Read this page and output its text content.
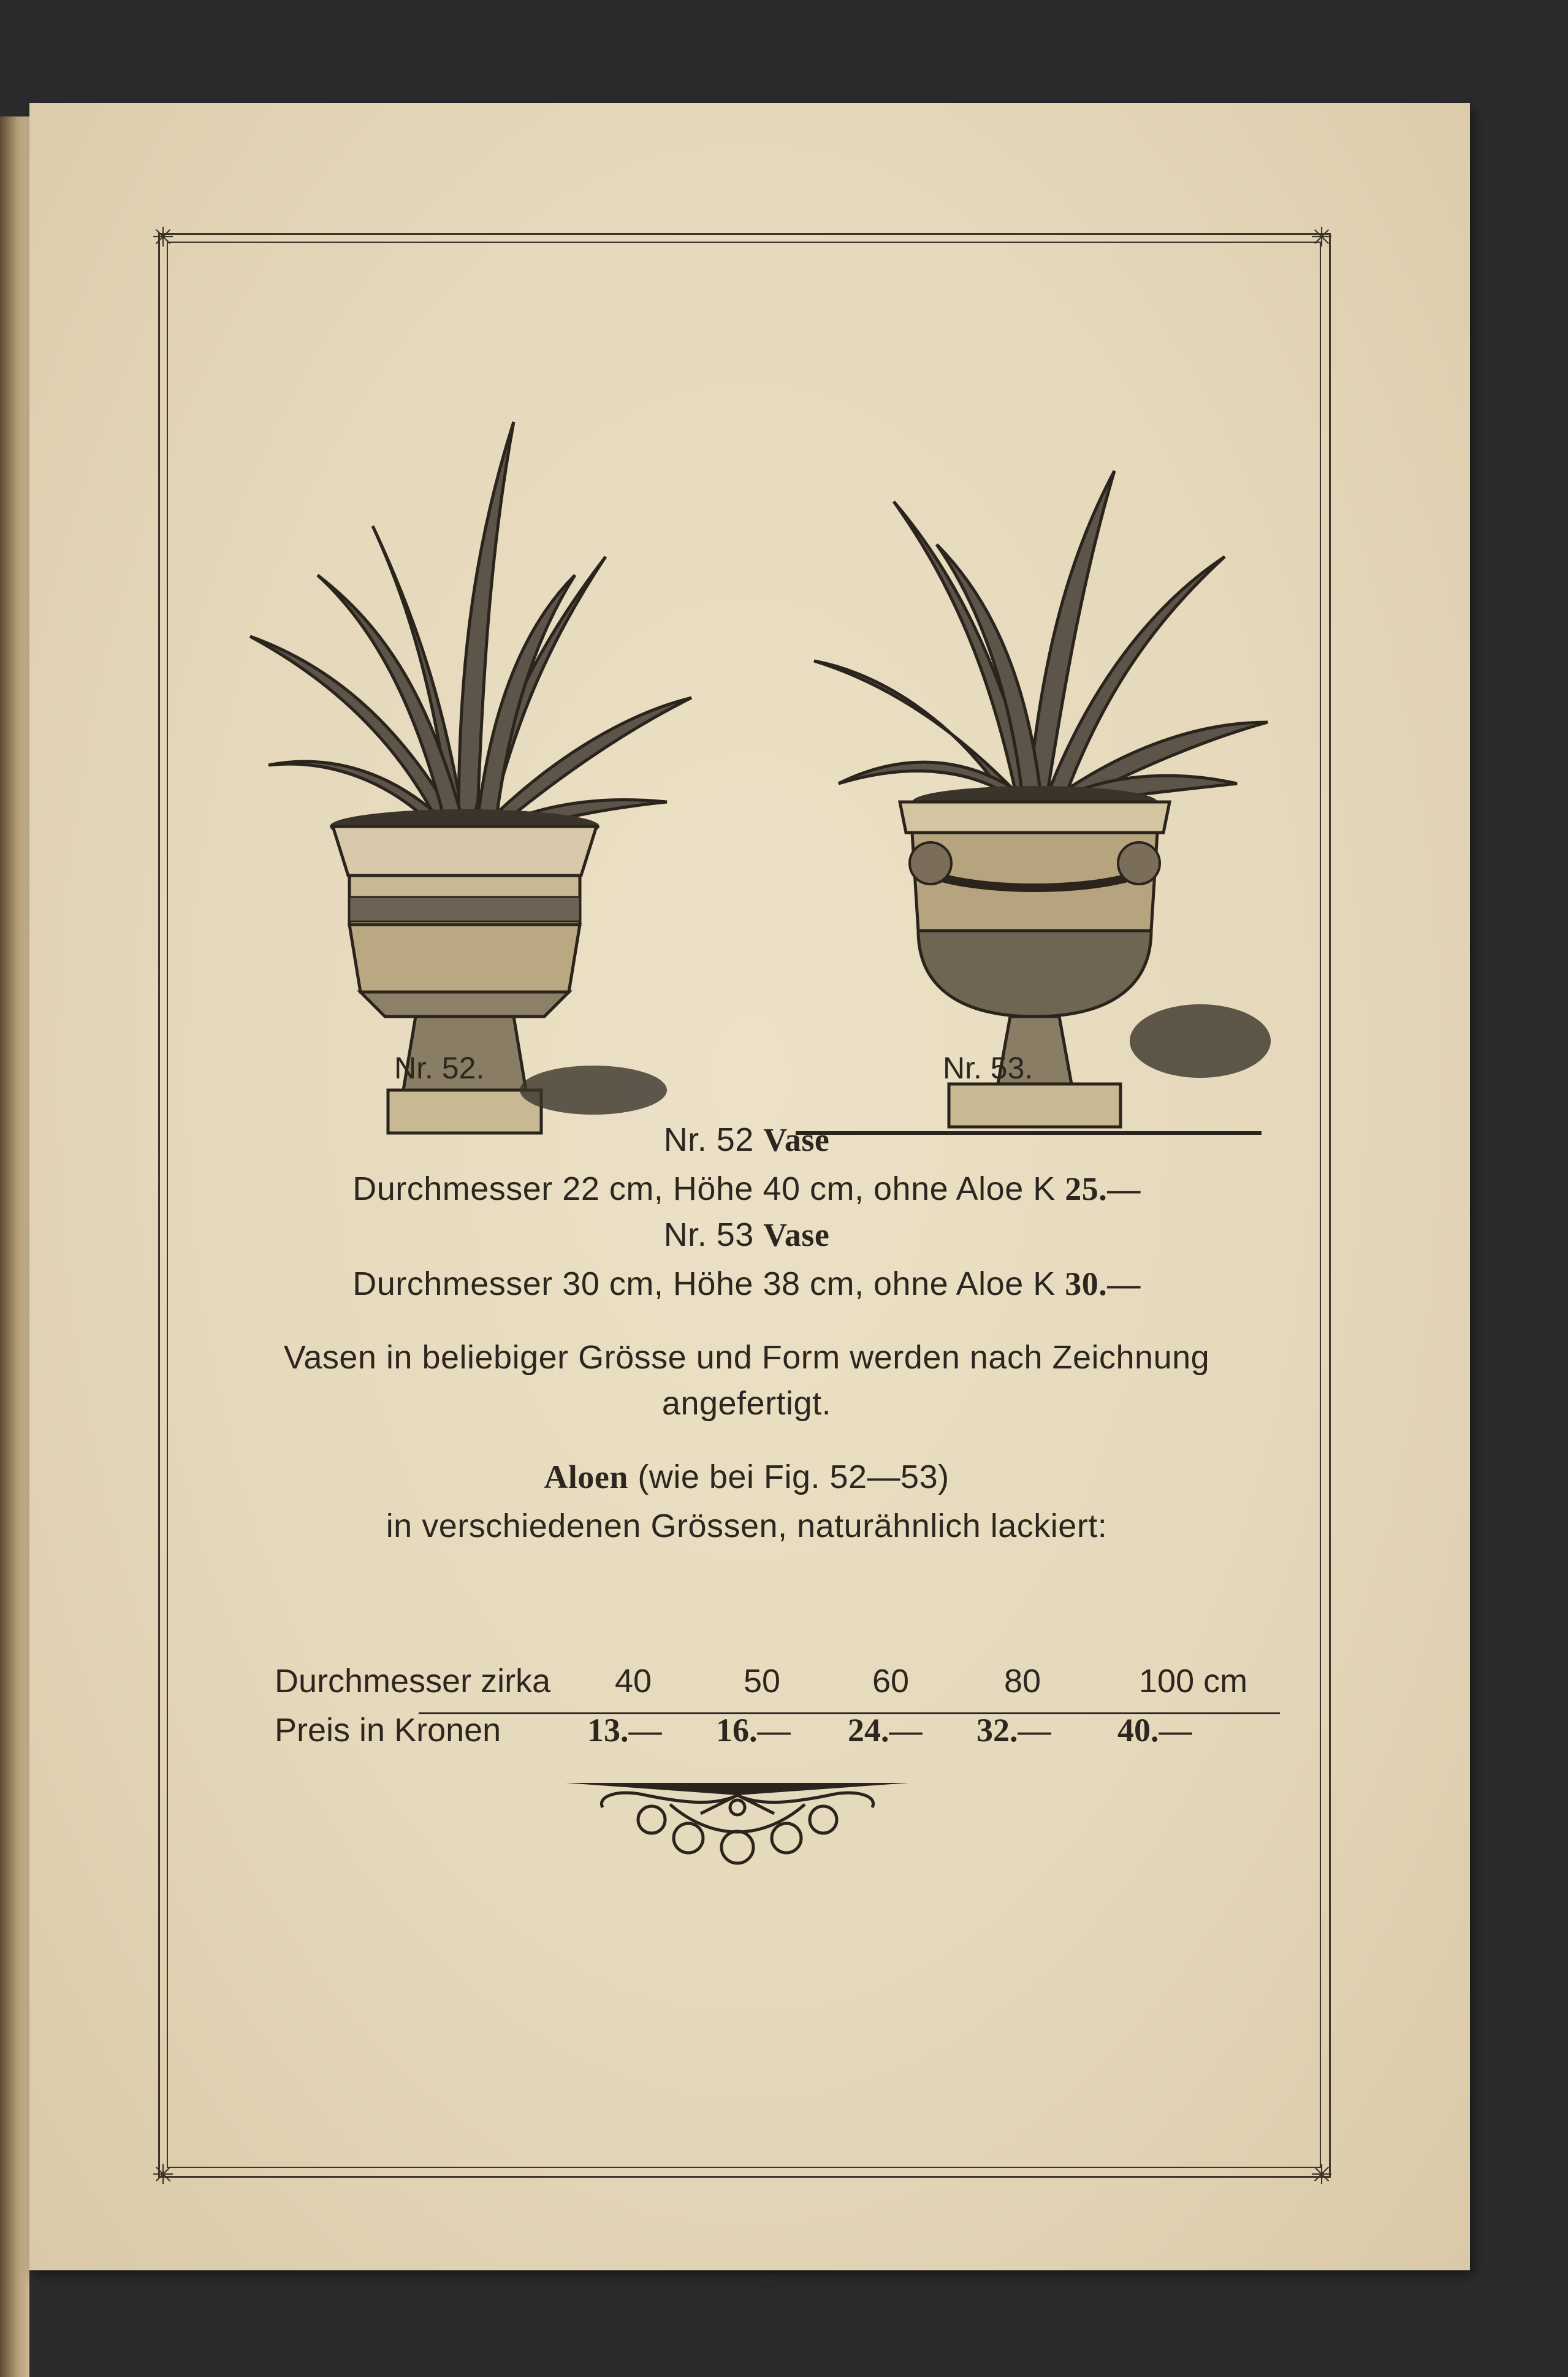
✳	✳
✳	✳
Nr. 52.	Nr. 53.
Nr. 52 Vase
Durchmesser 22 cm, Höhe 40 cm, ohne Aloe K 25.—
Nr. 53 Vase
Durchmesser 30 cm, Höhe 38 cm, ohne Aloe K 30.—
Vasen in beliebiger Grösse und Form werden nach Zeichnung
angefertigt.
Aloen (wie bei Fig. 52—53)
in verschiedenen Grössen, naturähnlich lackiert:
Durchmesser zirka 40	50	60	80	100 cm
Preis in Kronen	13.— 16.— 24.— 32.— 40.—
45
